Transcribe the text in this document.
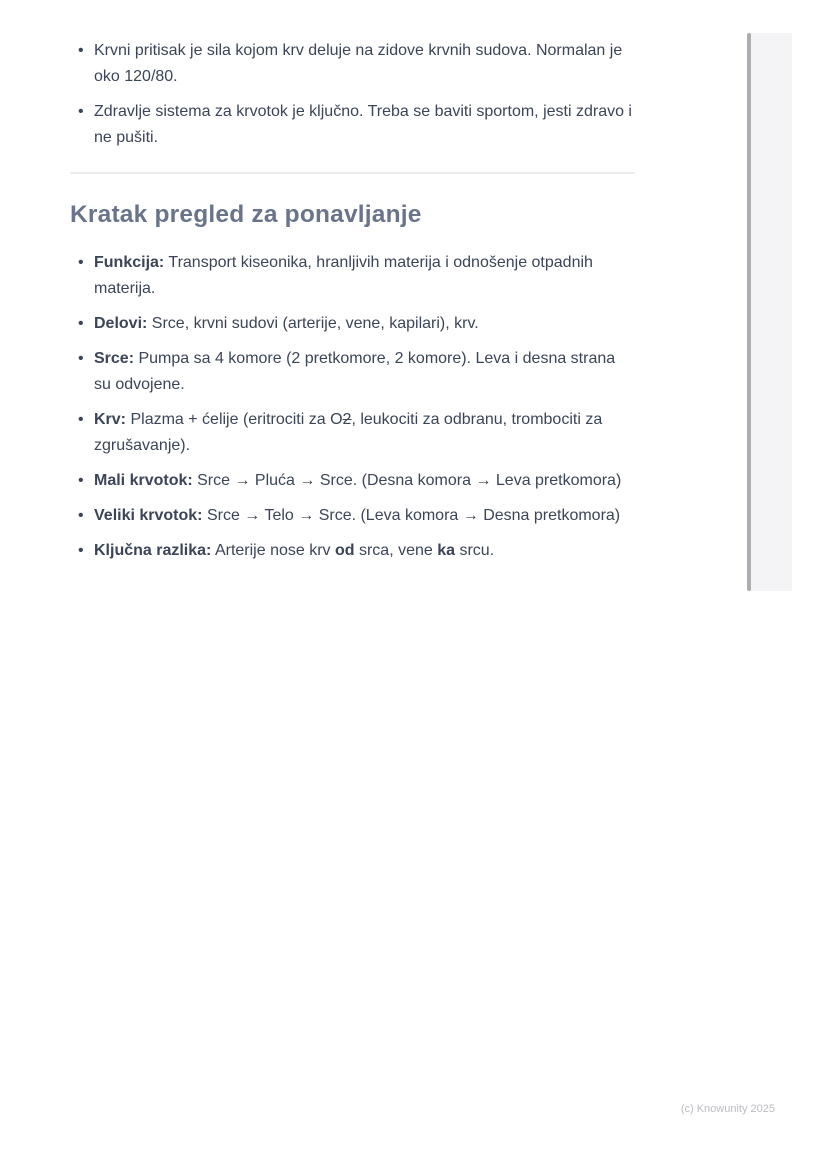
• Krvni pritisak je sila kojom krv deluje na zidove krvnih sudova. Normalan je oko 120/80.
• Zdravlje sistema za krvotok je ključno. Treba se baviti sportom, jesti zdravo i ne pušiti.
Kratak pregled za ponavljanje
• Funkcija: Transport kiseonika, hranljivih materija i odnošenje otpadnih materija.
• Delovi: Srce, krvni sudovi (arterije, vene, kapilari), krv.
• Srce: Pumpa sa 4 komore (2 pretkomore, 2 komore). Leva i desna strana su odvojene.
• Krv: Plazma + ćelije (eritrociti za O2, leukociti za odbranu, trombociti za zgrušavanje).
• Mali krvotok: Srce → Pluća → Srce. (Desna komora → Leva pretkomora)
• Veliki krvotok: Srce → Telo → Srce. (Leva komora → Desna pretkomora)
• Ključna razlika: Arterije nose krv od srca, vene ka srcu.
(c) Knowunity 2025
